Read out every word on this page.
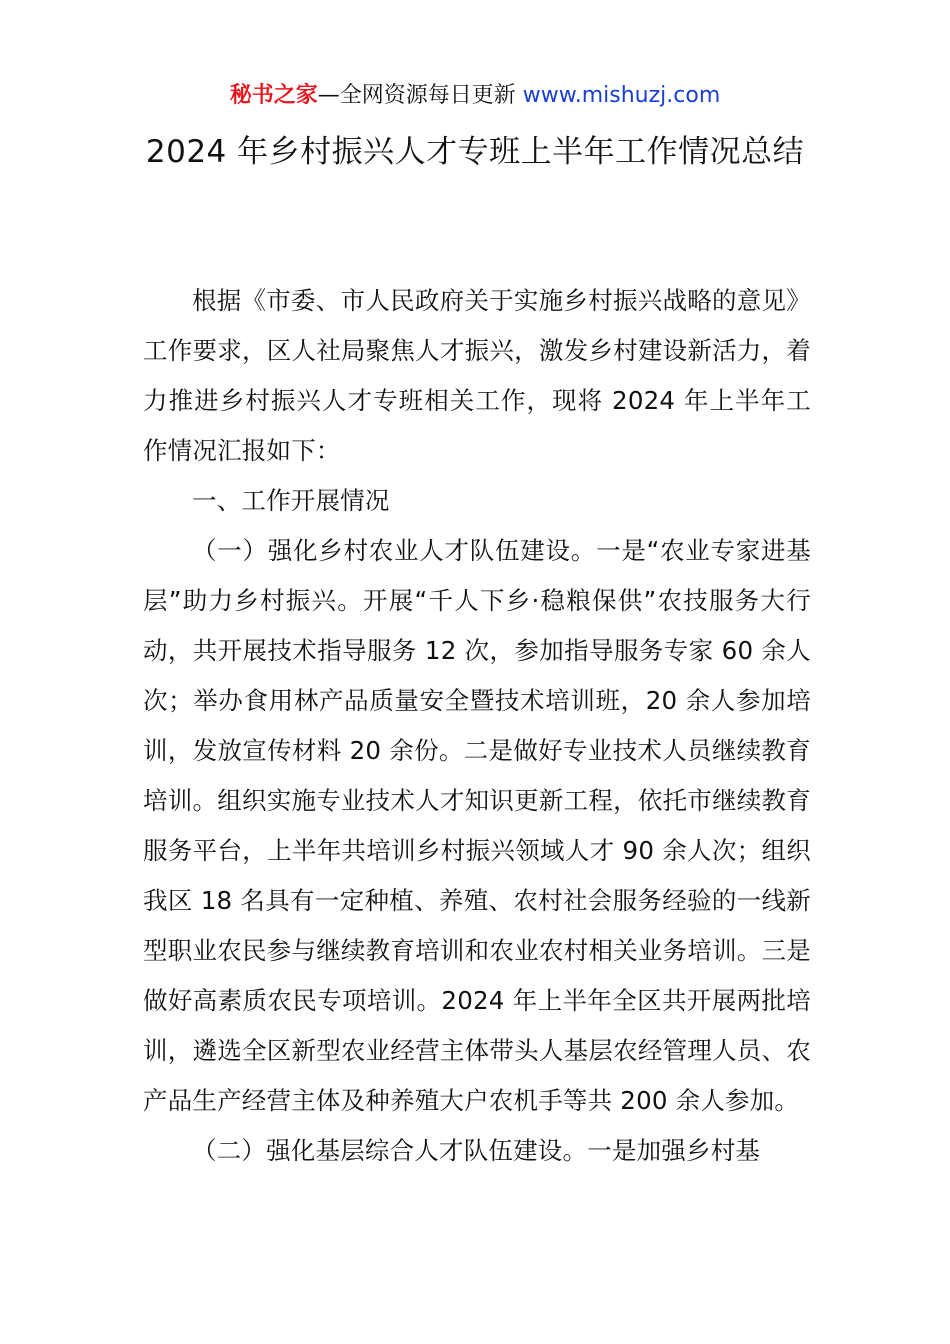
秘书之家—全网资源每日更新 www.mishuzj.com
2024 年乡村振兴人才专班上半年工作情况总结

根据《市委、市人民政府关于实施乡村振兴战略的意见》工作要求，区人社局聚焦人才振兴，激发乡村建设新活力，着力推进乡村振兴人才专班相关工作，现将 2024 年上半年工作情况汇报如下：

一、工作开展情况

（一）强化乡村农业人才队伍建设。一是“农业专家进基层”助力乡村振兴。开展“千人下乡·稳粮保供”农技服务大行动，共开展技术指导服务 12 次，参加指导服务专家 60 余人次；举办食用林产品质量安全暨技术培训班，20 余人参加培训，发放宣传材料 20 余份。二是做好专业技术人员继续教育培训。组织实施专业技术人才知识更新工程，依托市继续教育服务平台，上半年共培训乡村振兴领域人才 90 余人次；组织我区 18 名具有一定种植、养殖、农村社会服务经验的一线新型职业农民参与继续教育培训和农业农村相关业务培训。三是做好高素质农民专项培训。2024 年上半年全区共开展两批培训，遴选全区新型农业经营主体带头人基层农经管理人员、农产品生产经营主体及种养殖大户农机手等共 200 余人参加。

（二）强化基层综合人才队伍建设。一是加强乡村基
